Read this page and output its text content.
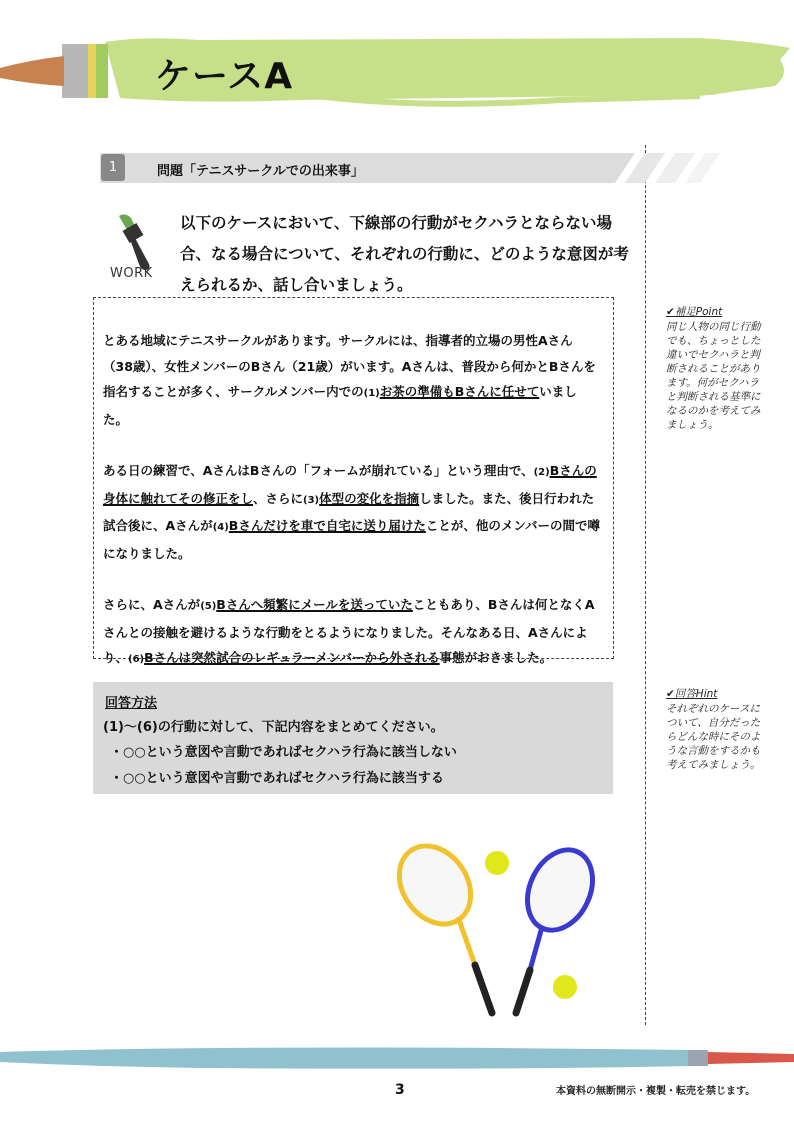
ケースA
1	問題「テニスサークルでの出来事」
WORK
以下のケースにおいて、下線部の行動がセクハラとならない場合、なる場合について、それぞれの行動に、どのような意図が考えられるか、話し合いましょう。

とある地域にテニスサークルがあります。サークルには、指導者的立場の男性Aさん（38歳）、女性メンバーのBさん（21歳）がいます。Aさんは、普段から何かとBさんを指名することが多く、サークルメンバー内での(1)お茶の準備もBさんに任せていました。

ある日の練習で、AさんはBさんの「フォームが崩れている」という理由で、(2)Bさんの身体に触れてその修正をし、さらに(3)体型の変化を指摘しました。また、後日行われた試合後に、Aさんが(4)Bさんだけを車で自宅に送り届けたことが、他のメンバーの間で噂になりました。

さらに、Aさんが(5)Bさんへ頻繁にメールを送っていたこともあり、Bさんは何となくAさんとの接触を避けるような行動をとるようになりました。そんなある日、Aさんにより、(6)Bさんは突然試合のレギュラーメンバーから外される事態がおきました。

回答方法
(1)～(6)の行動に対して、下記内容をまとめてください。
・○○という意図や言動であればセクハラ行為に該当しない
・○○という意図や言動であればセクハラ行為に該当する
✔補足Point
同じ人物の同じ行動でも、ちょっとした違いでセクハラと判断されることがあります。何がセクハラと判断される基準になるのかを考えてみましょう。
✔回答Hint
それぞれのケースについて、自分だったらどんな時にそのような言動をするかも考えてみましょう。
3	本資料の無断開示・複製・転売を禁じます。
